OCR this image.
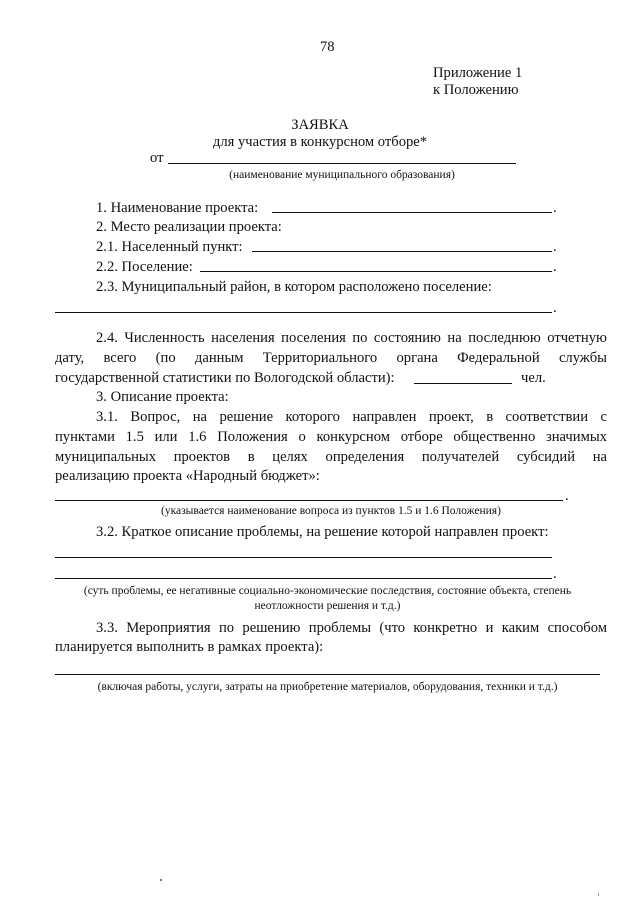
78
Приложение 1
к Положению
ЗАЯВКА
для участия в конкурсном отборе*
от
(наименование муниципального образования)
1. Наименование проекта:	.
2. Место реализации проекта:
2.1. Населенный пункт:	.
2.2. Поселение:	.
2.3. Муниципальный район, в котором расположено поселение:
.
2.4. Численность населения поселения по состоянию на последнюю отчетную
дату, всего (по данным Территориального органа Федеральной службы
государственной статистики по Вологодской области):	чел.
3. Описание проекта:
3.1. Вопрос, на решение которого направлен проект, в соответствии с
пунктами 1.5 или 1.6 Положения о конкурсном отборе общественно значимых
муниципальных проектов в целях определения получателей субсидий на
реализацию проекта «Народный бюджет»:
.
(указывается наименование вопроса из пунктов 1.5 и 1.6 Положения)
3.2. Краткое описание проблемы, на решение которой направлен проект:
.
(суть проблемы, ее негативные социально-экономические последствия, состояние объекта, степень
неотложности решения и т.д.)
3.3. Мероприятия по решению проблемы (что конкретно и каким способом
планируется выполнить в рамках проекта):
(включая работы, услуги, затраты на приобретение материалов, оборудования, техники и т.д.)
